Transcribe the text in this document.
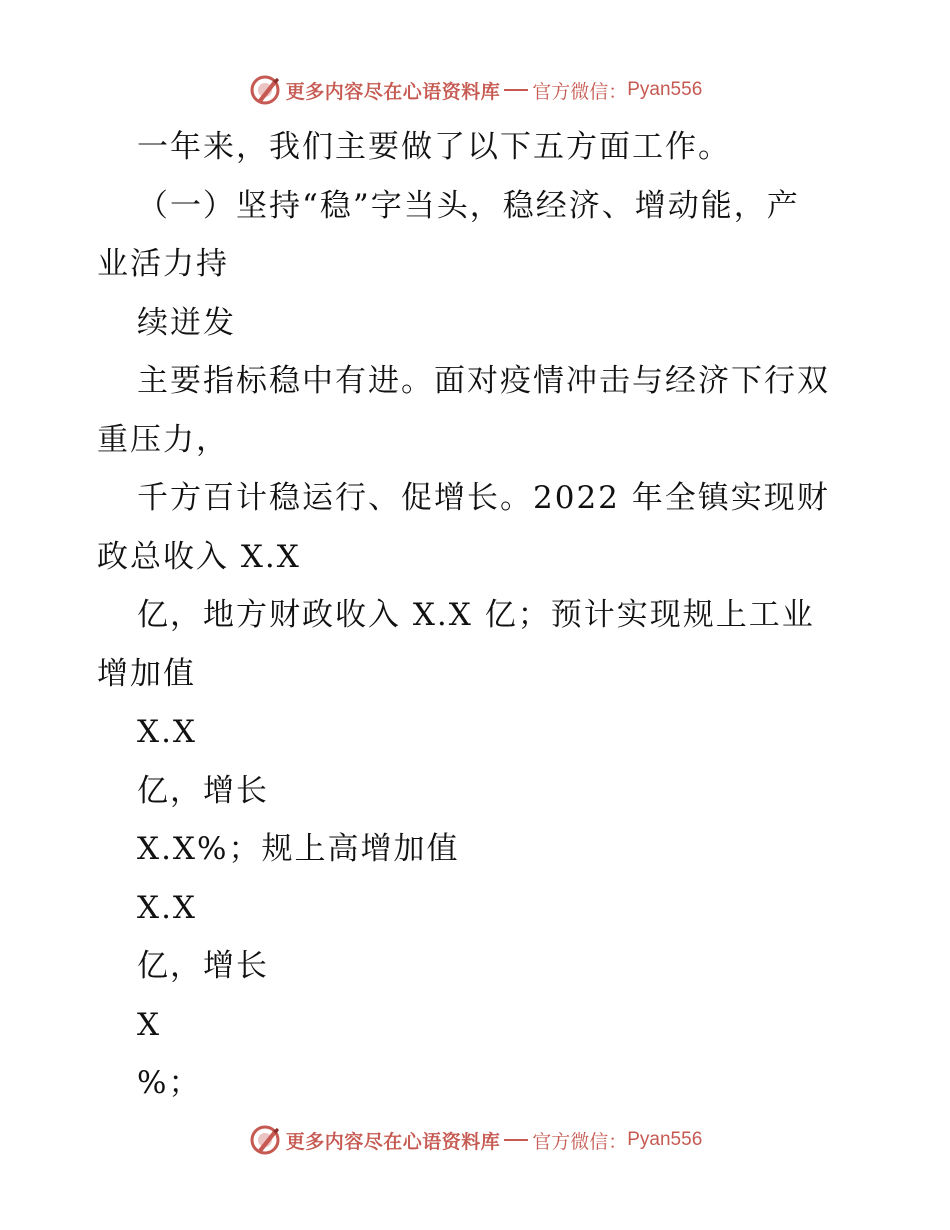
更多内容尽在心语资料库 官方微信： Pyan556
一年来，我们主要做了以下五方面工作。
（一）坚持“稳”字当头，稳经济、增动能，产
业活力持
续迸发
主要指标稳中有进。面对疫情冲击与经济下行双
重压力，
千方百计稳运行、促增长。2022 年全镇实现财
政总收入 X.X
亿，地方财政收入 X.X 亿；预计实现规上工业
增加值
X.X
亿，增长
X.X%；规上高增加值
X.X
亿，增长
X
%；
更多内容尽在心语资料库 官方微信： Pyan556
